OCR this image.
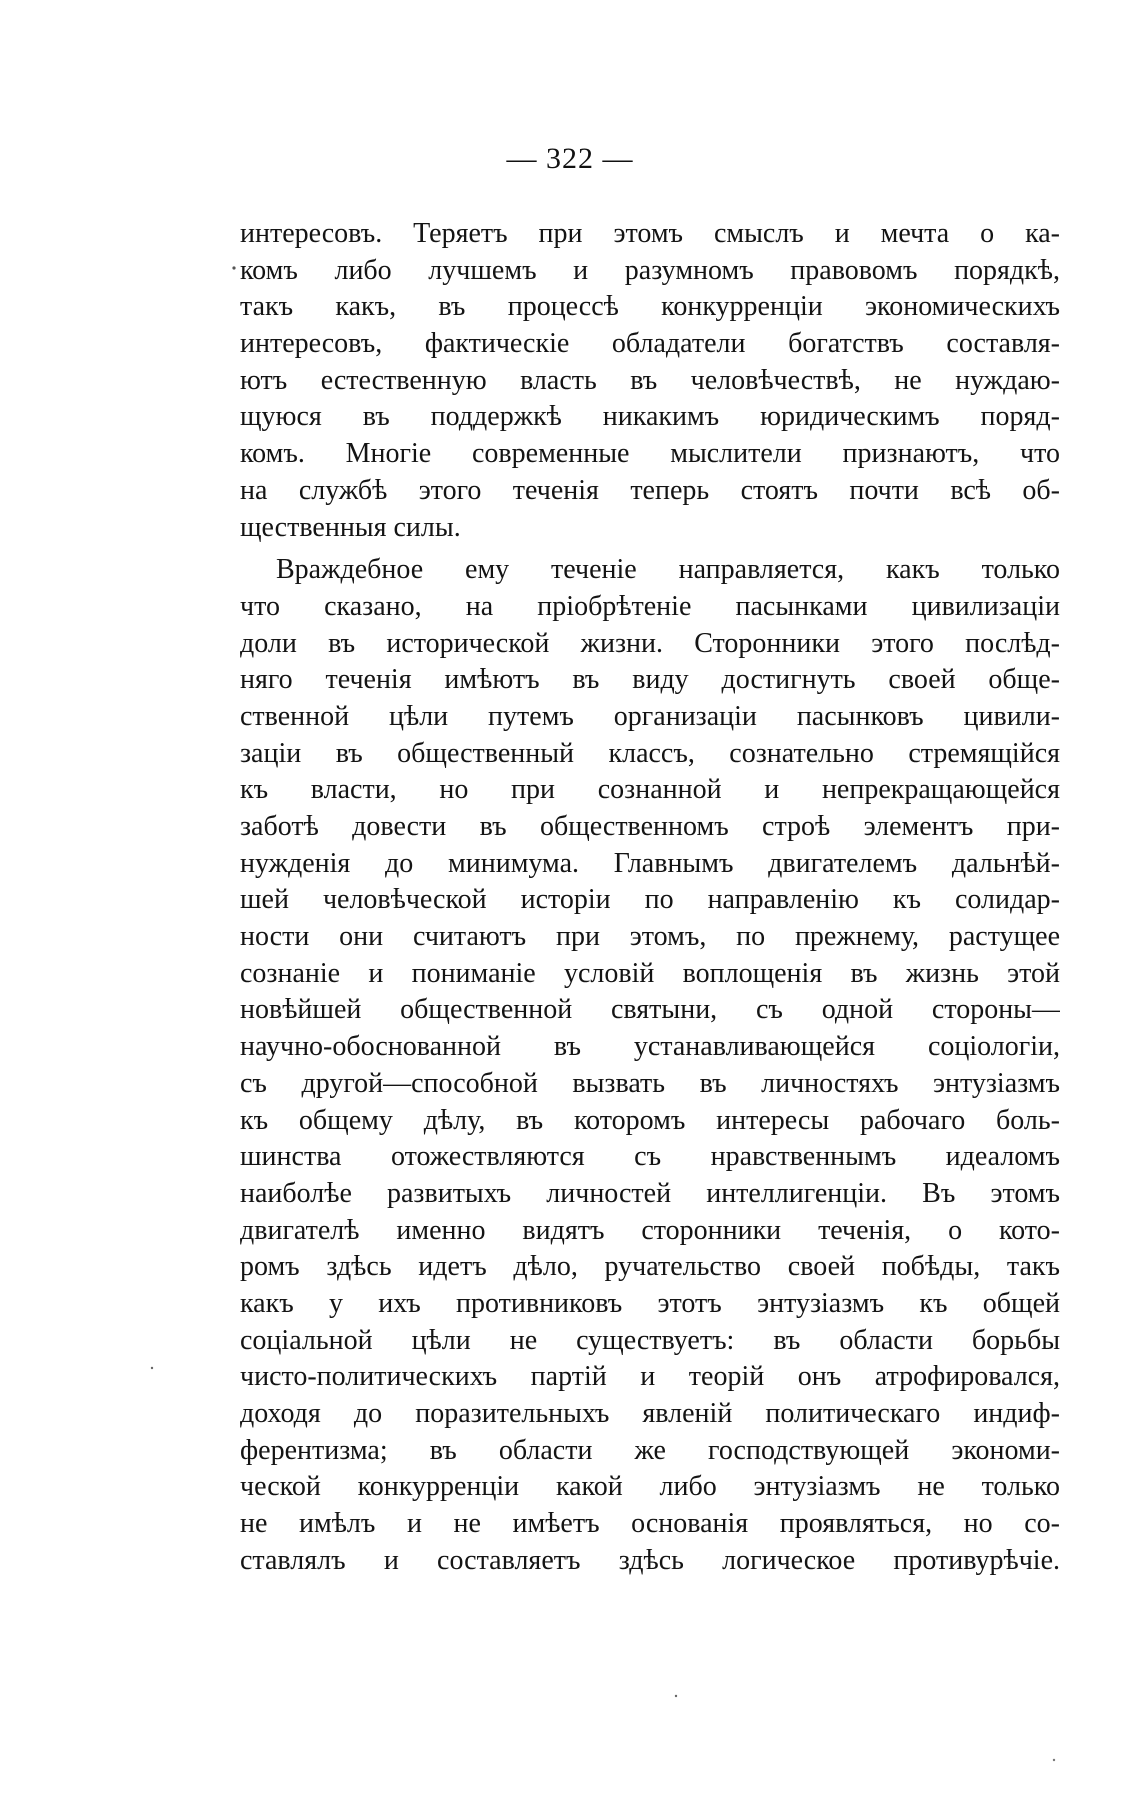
— 322 —
интересовъ. Теряетъ при этомъ смыслъ и мечта о ка-
комъ либо лучшемъ и разумномъ правовомъ порядкѣ,
такъ какъ, въ процессѣ конкурренціи экономическихъ
интересовъ, фактическіе обладатели богатствъ составля-
ютъ естественную власть въ человѣчествѣ, не нуждаю-
щуюся въ поддержкѣ никакимъ юридическимъ поряд-
комъ. Многіе современные мыслители признаютъ, что
на службѣ этого теченія теперь стоятъ почти всѣ об-
щественныя силы.
Враждебное ему теченіе направляется, какъ только
что сказано, на пріобрѣтеніе пасынками цивилизаціи
доли въ исторической жизни. Сторонники этого послѣд-
няго теченія имѣютъ въ виду достигнуть своей обще-
ственной цѣли путемъ организаціи пасынковъ цивили-
заціи въ общественный классъ, сознательно стремящійся
къ власти, но при сознанной и непрекращающейся
заботѣ довести въ общественномъ строѣ элементъ при-
нужденія до минимума. Главнымъ двигателемъ дальнѣй-
шей человѣческой исторіи по направленію къ солидар-
ности они считаютъ при этомъ, по прежнему, растущее
сознаніе и пониманіе условій воплощенія въ жизнь этой
новѣйшей общественной святыни, съ одной стороны—
научно-обоснованной въ устанавливающейся соціологіи,
съ другой—способной вызвать въ личностяхъ энтузіазмъ
къ общему дѣлу, въ которомъ интересы рабочаго боль-
шинства отожествляются съ нравственнымъ идеаломъ
наиболѣе развитыхъ личностей интеллигенціи. Въ этомъ
двигателѣ именно видятъ сторонники теченія, о кото-
ромъ здѣсь идетъ дѣло, ручательство своей побѣды, такъ
какъ у ихъ противниковъ этотъ энтузіазмъ къ общей
соціальной цѣли не существуетъ: въ области борьбы
чисто-политическихъ партій и теорій онъ атрофировался,
доходя до поразительныхъ явленій политическаго индиф-
ферентизма; въ области же господствующей экономи-
ческой конкурренціи какой либо энтузіазмъ не только
не имѣлъ и не имѣетъ основанія проявляться, но со-
ставлялъ и составляетъ здѣсь логическое противурѣчіе.
